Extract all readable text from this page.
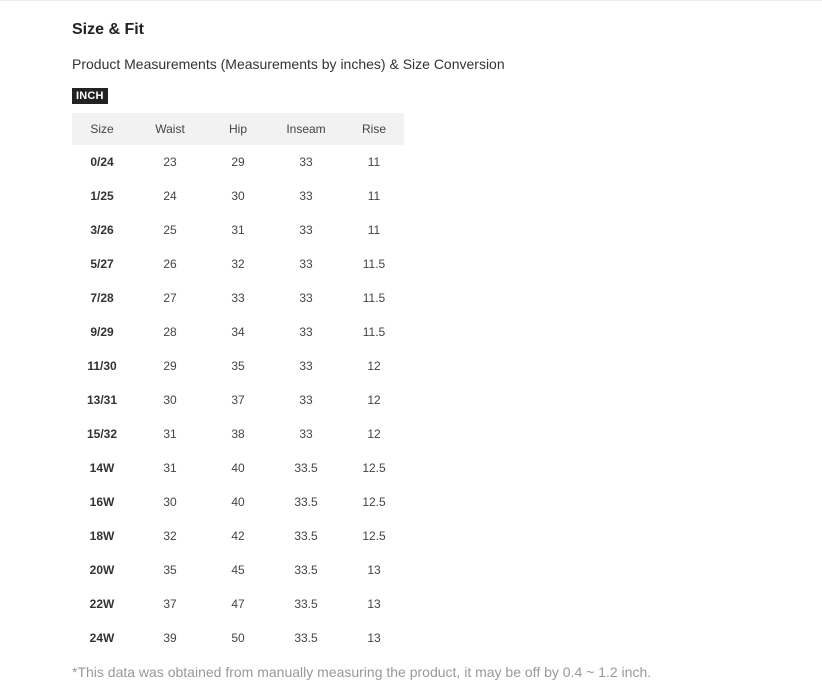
Size & Fit

Product Measurements (Measurements by inches) & Size Conversion

INCH
Size	Waist	Hip	Inseam	Rise
0/24	23	29	33	11
1/25	24	30	33	11
3/26	25	31	33	11
5/27	26	32	33	11.5
7/28	27	33	33	11.5
9/29	28	34	33	11.5
11/30	29	35	33	12
13/31	30	37	33	12
15/32	31	38	33	12
14W	31	40	33.5	12.5
16W	30	40	33.5	12.5
18W	32	42	33.5	12.5
20W	35	45	33.5	13
22W	37	47	33.5	13
24W	39	50	33.5	13

*This data was obtained from manually measuring the product, it may be off by 0.4 ~ 1.2 inch.
